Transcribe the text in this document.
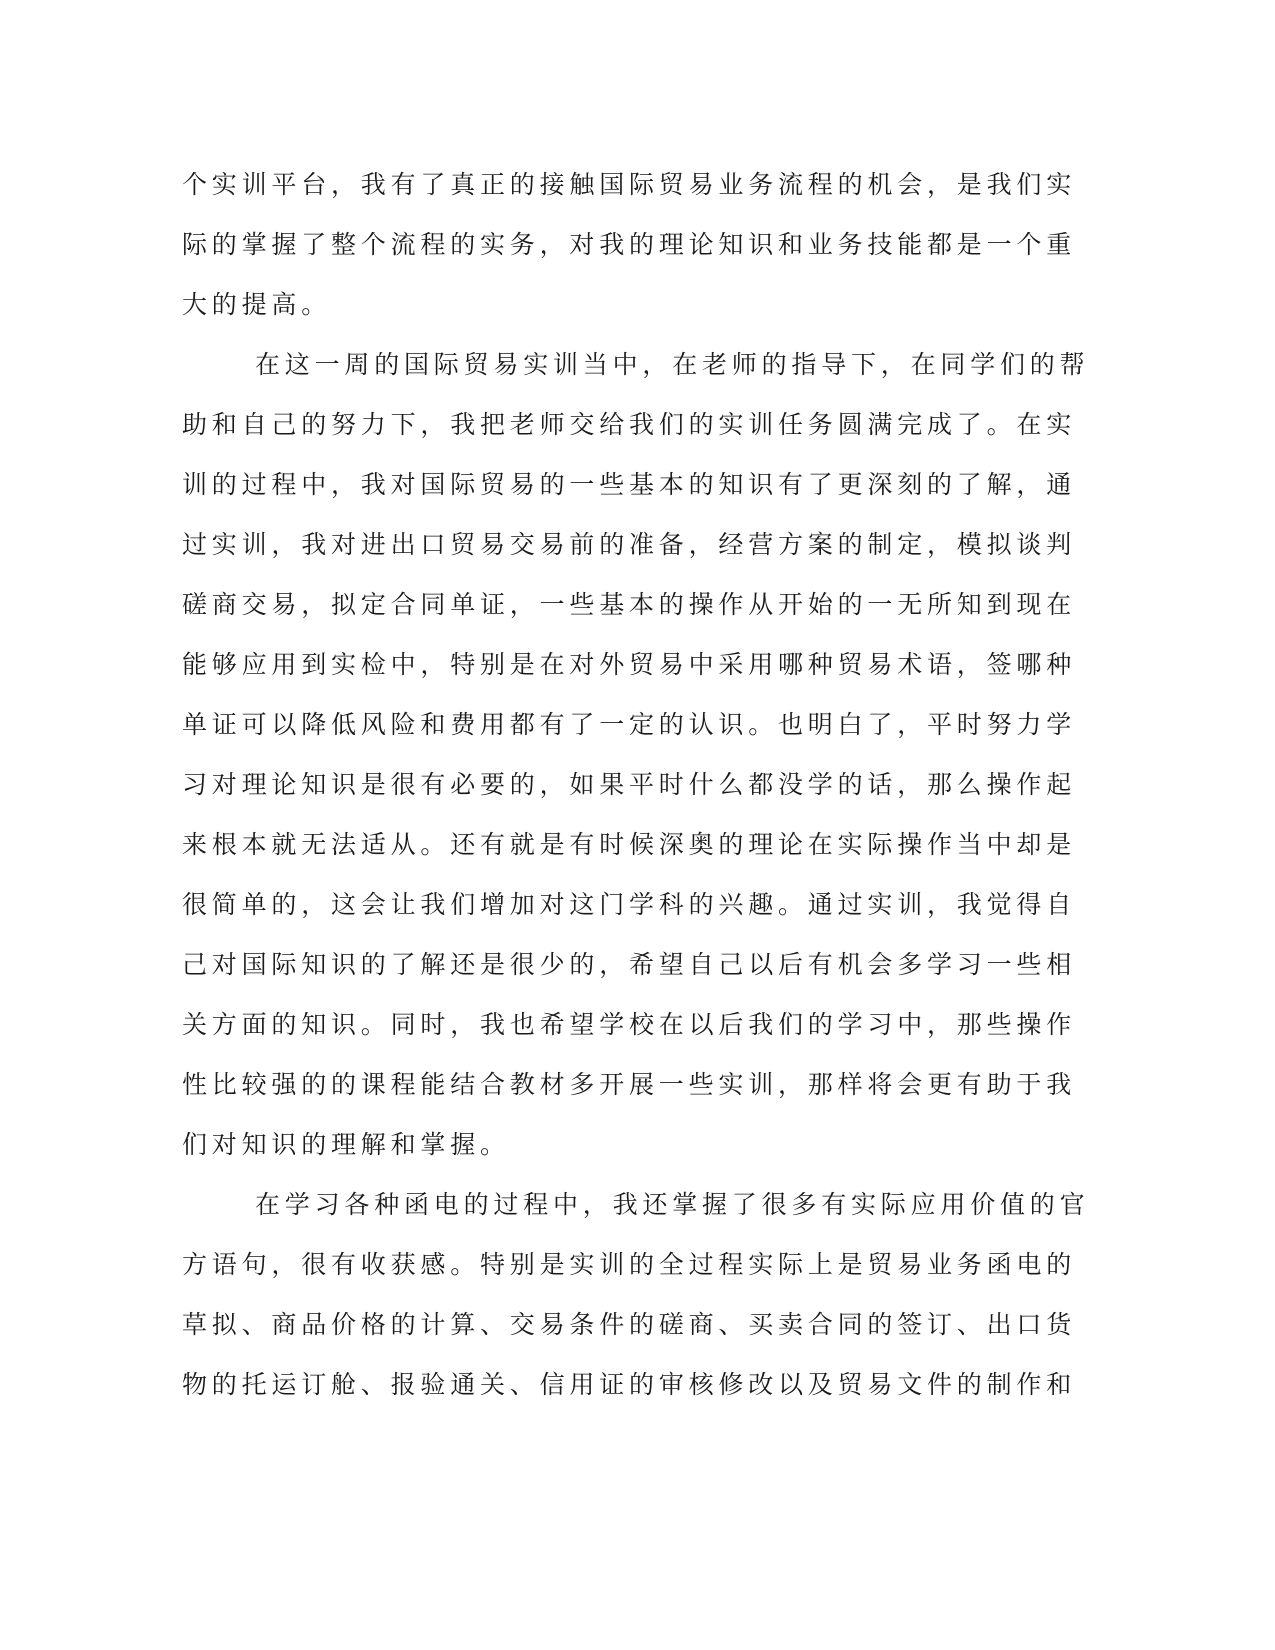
个实训平台，我有了真正的接触国际贸易业务流程的机会，是我们实
际的掌握了整个流程的实务，对我的理论知识和业务技能都是一个重
大的提高。
在这一周的国际贸易实训当中，在老师的指导下，在同学们的帮
助和自己的努力下，我把老师交给我们的实训任务圆满完成了。在实
训的过程中，我对国际贸易的一些基本的知识有了更深刻的了解，通
过实训，我对进出口贸易交易前的准备，经营方案的制定，模拟谈判
磋商交易，拟定合同单证，一些基本的操作从开始的一无所知到现在
能够应用到实检中，特别是在对外贸易中采用哪种贸易术语，签哪种
单证可以降低风险和费用都有了一定的认识。也明白了，平时努力学
习对理论知识是很有必要的，如果平时什么都没学的话，那么操作起
来根本就无法适从。还有就是有时候深奥的理论在实际操作当中却是
很简单的，这会让我们增加对这门学科的兴趣。通过实训，我觉得自
己对国际知识的了解还是很少的，希望自己以后有机会多学习一些相
关方面的知识。同时，我也希望学校在以后我们的学习中，那些操作
性比较强的的课程能结合教材多开展一些实训，那样将会更有助于我
们对知识的理解和掌握。
在学习各种函电的过程中，我还掌握了很多有实际应用价值的官
方语句，很有收获感。特别是实训的全过程实际上是贸易业务函电的
草拟、商品价格的计算、交易条件的磋商、买卖合同的签订、出口货
物的托运订舱、报验通关、信用证的审核修改以及贸易文件的制作和
